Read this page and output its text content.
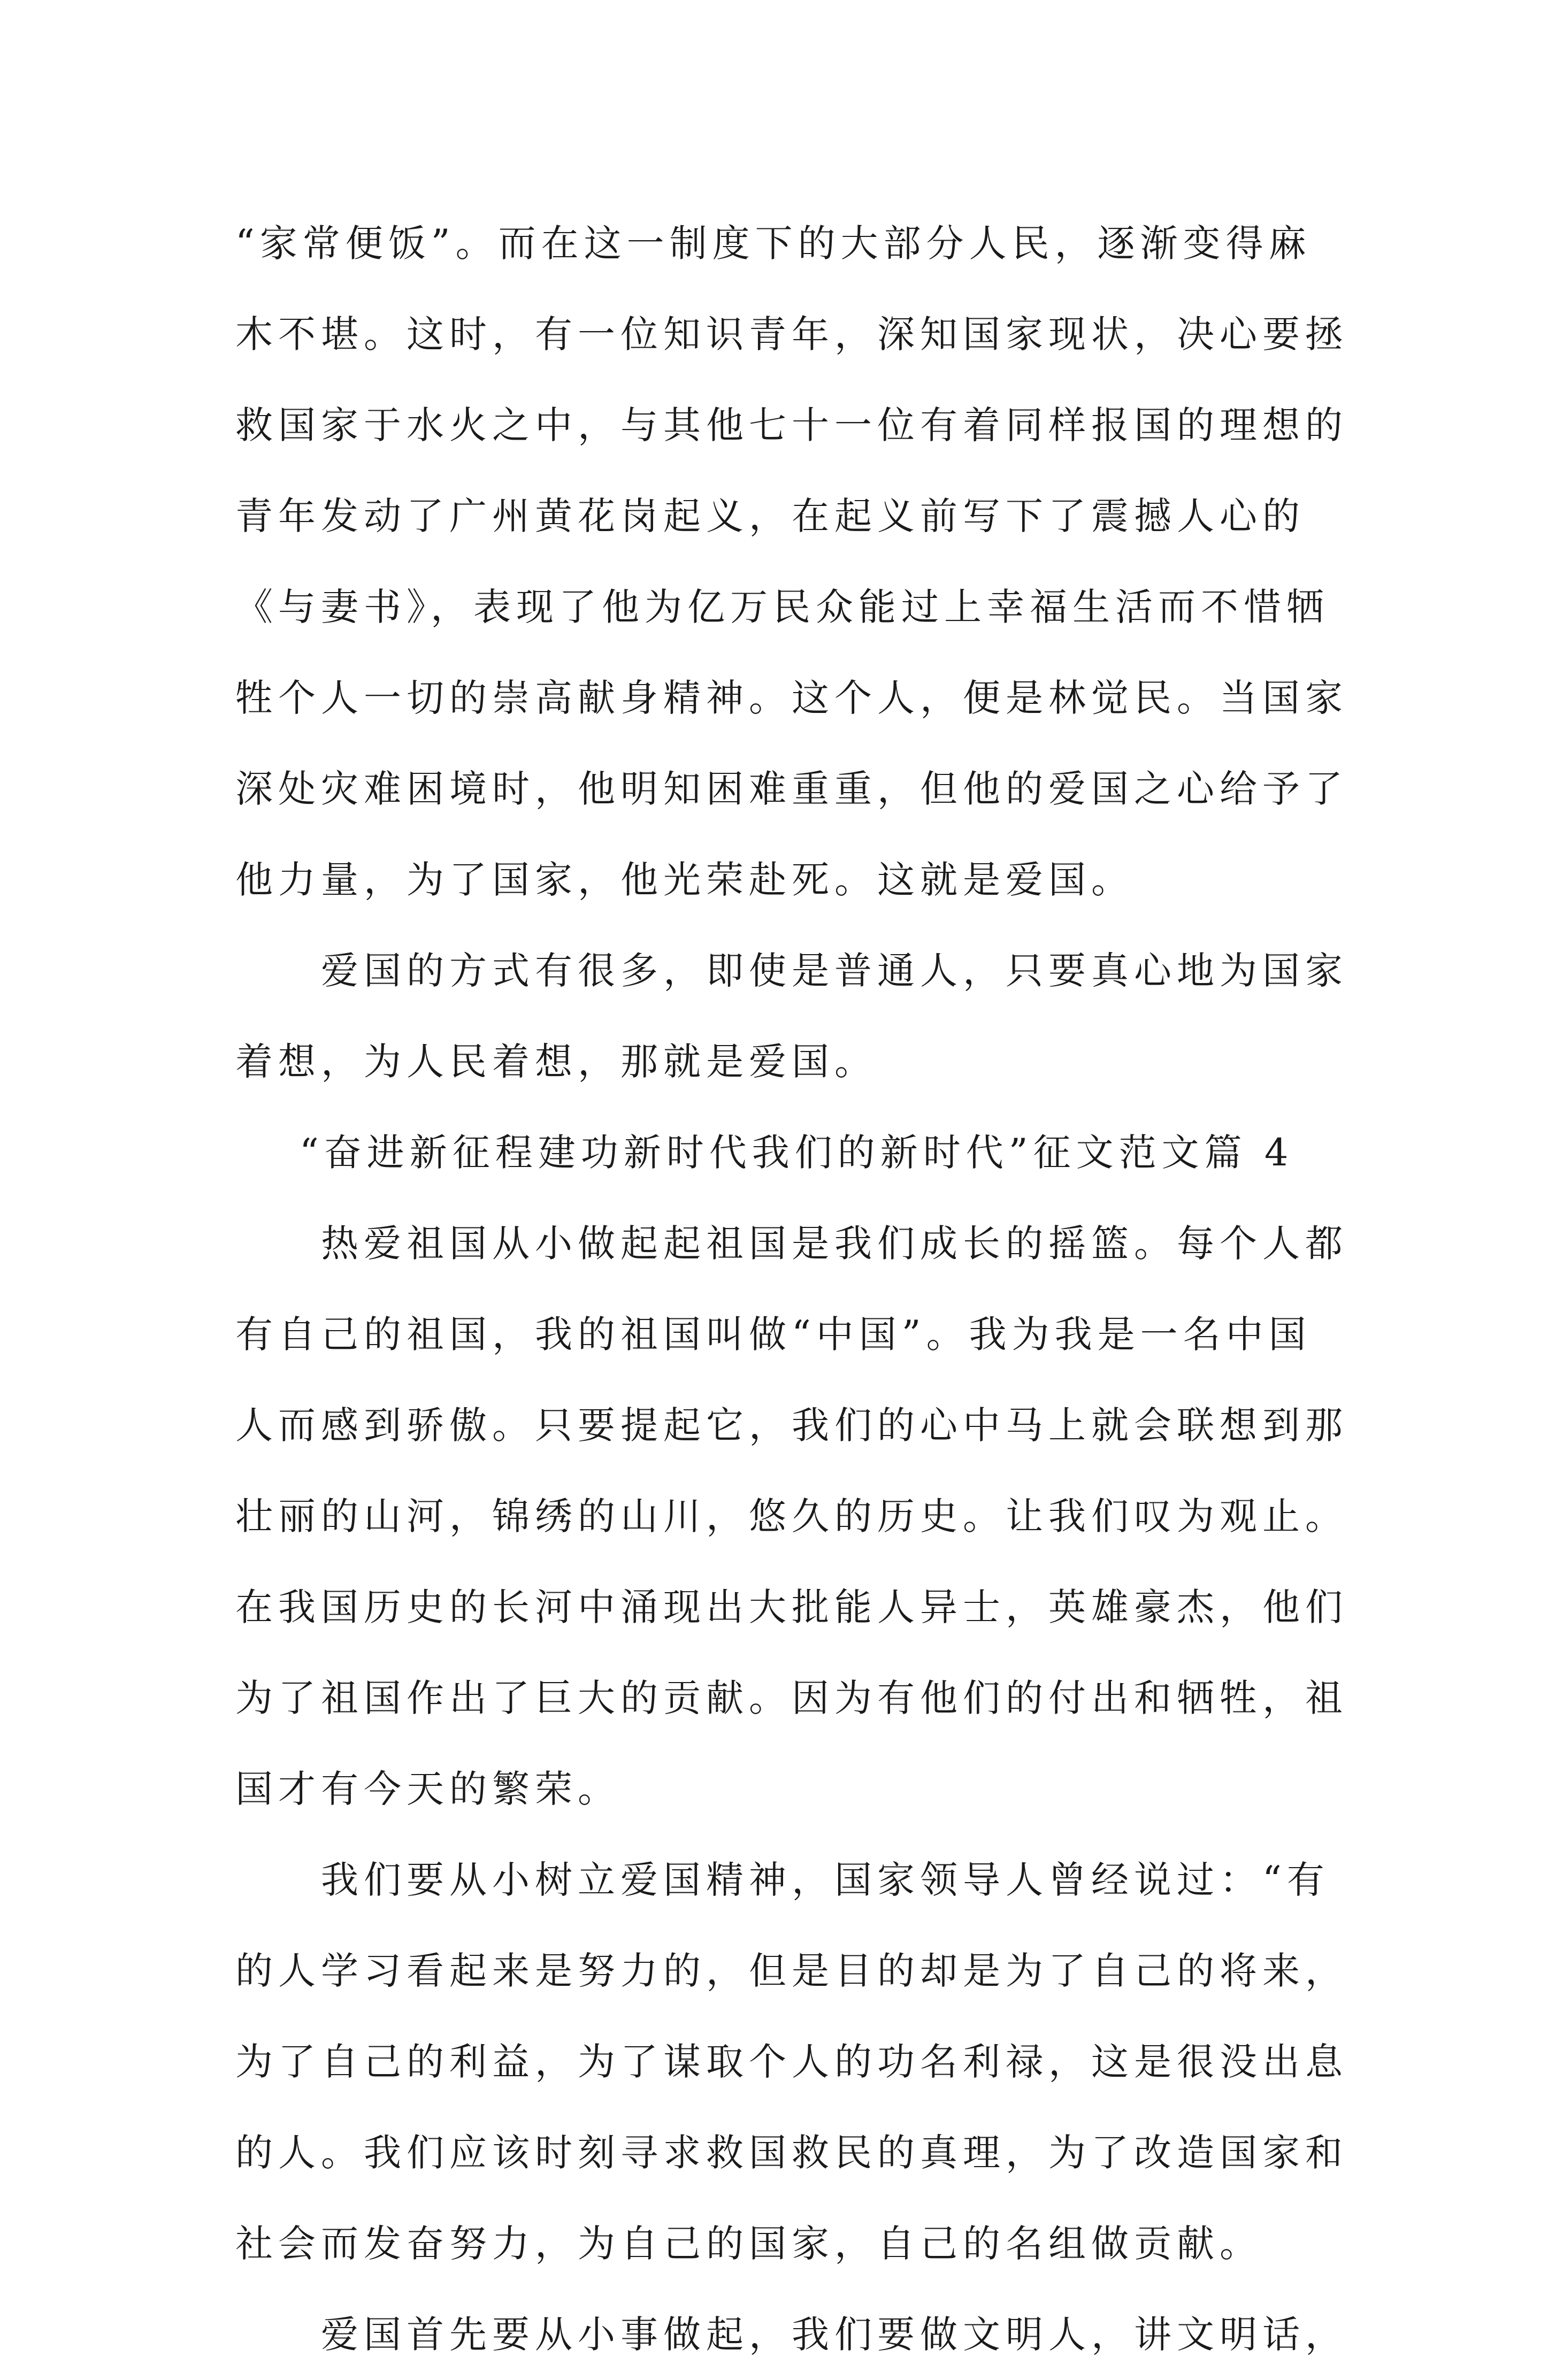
“家常便饭”。而在这一制度下的大部分人民，逐渐变得麻
木不堪。这时，有一位知识青年，深知国家现状，决心要拯
救国家于水火之中，与其他七十一位有着同样报国的理想的
青年发动了广州黄花岗起义，在起义前写下了震撼人心的
《与妻书》，表现了他为亿万民众能过上幸福生活而不惜牺
牲个人一切的崇高献身精神。这个人，便是林觉民。当国家
深处灾难困境时，他明知困难重重，但他的爱国之心给予了
他力量，为了国家，他光荣赴死。这就是爱国。
爱国的方式有很多，即使是普通人，只要真心地为国家
着想，为人民着想，那就是爱国。
“奋进新征程建功新时代我们的新时代”征文范文篇 4
热爱祖国从小做起起祖国是我们成长的摇篮。每个人都
有自己的祖国，我的祖国叫做“中国”。我为我是一名中国
人而感到骄傲。只要提起它，我们的心中马上就会联想到那
壮丽的山河，锦绣的山川，悠久的历史。让我们叹为观止。
在我国历史的长河中涌现出大批能人异士，英雄豪杰，他们
为了祖国作出了巨大的贡献。因为有他们的付出和牺牲，祖
国才有今天的繁荣。
我们要从小树立爱国精神，国家领导人曾经说过：“有
的人学习看起来是努力的，但是目的却是为了自己的将来，
为了自己的利益，为了谋取个人的功名利禄，这是很没出息
的人。我们应该时刻寻求救国救民的真理，为了改造国家和
社会而发奋努力，为自己的国家，自己的名组做贡献。
爱国首先要从小事做起，我们要做文明人，讲文明话，
